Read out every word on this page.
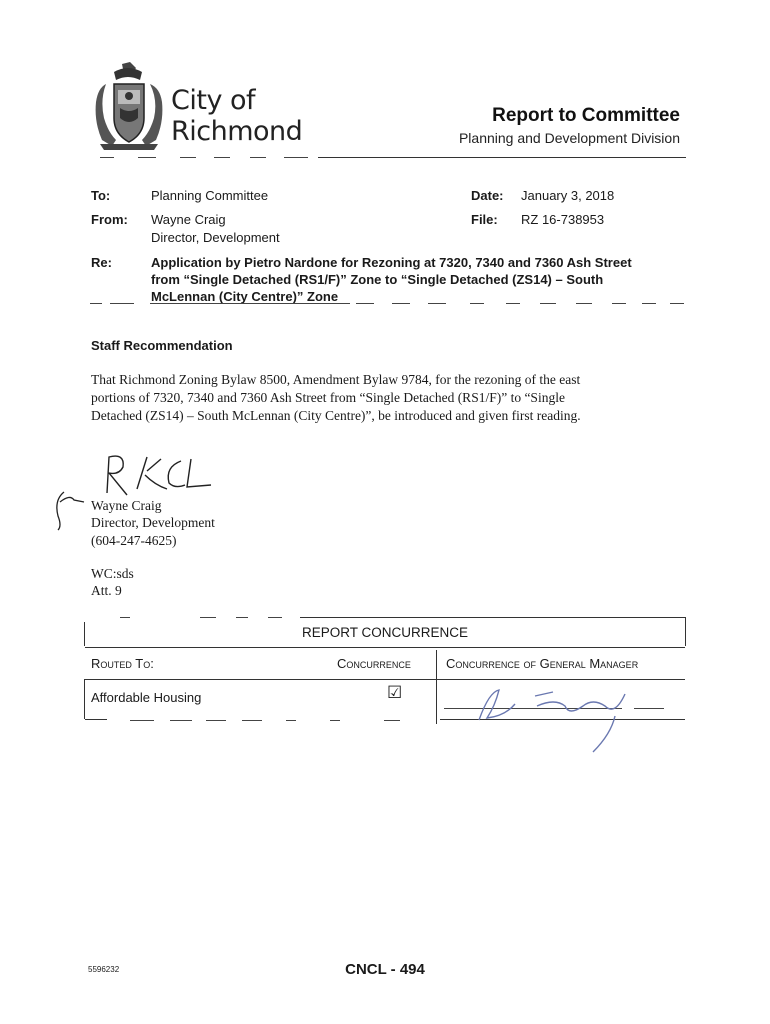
City of
Richmond
Report to Committee
Planning and Development Division
To:	Planning Committee	Date: January 3, 2018
From: Wayne Craig
Director, Development
File: RZ 16-738953
Re:	Application by Pietro Nardone for Rezoning at 7320, 7340 and 7360 Ash Street
from “Single Detached (RS1/F)” Zone to “Single Detached (ZS14) – South
McLennan (City Centre)” Zone
Staff Recommendation
That Richmond Zoning Bylaw 8500, Amendment Bylaw 9784, for the rezoning of the east
portions of 7320, 7340 and 7360 Ash Street from “Single Detached (RS1/F)” to “Single
Detached (ZS14) – South McLennan (City Centre)”, be introduced and given first reading.
Wayne Craig
Director, Development
(604-247-4625)
WC:sds
Att. 9
REPORT CONCURRENCE
Routed To:	Concurrence	Concurrence of General Manager
Affordable Housing	☑
5596232	CNCL - 494
